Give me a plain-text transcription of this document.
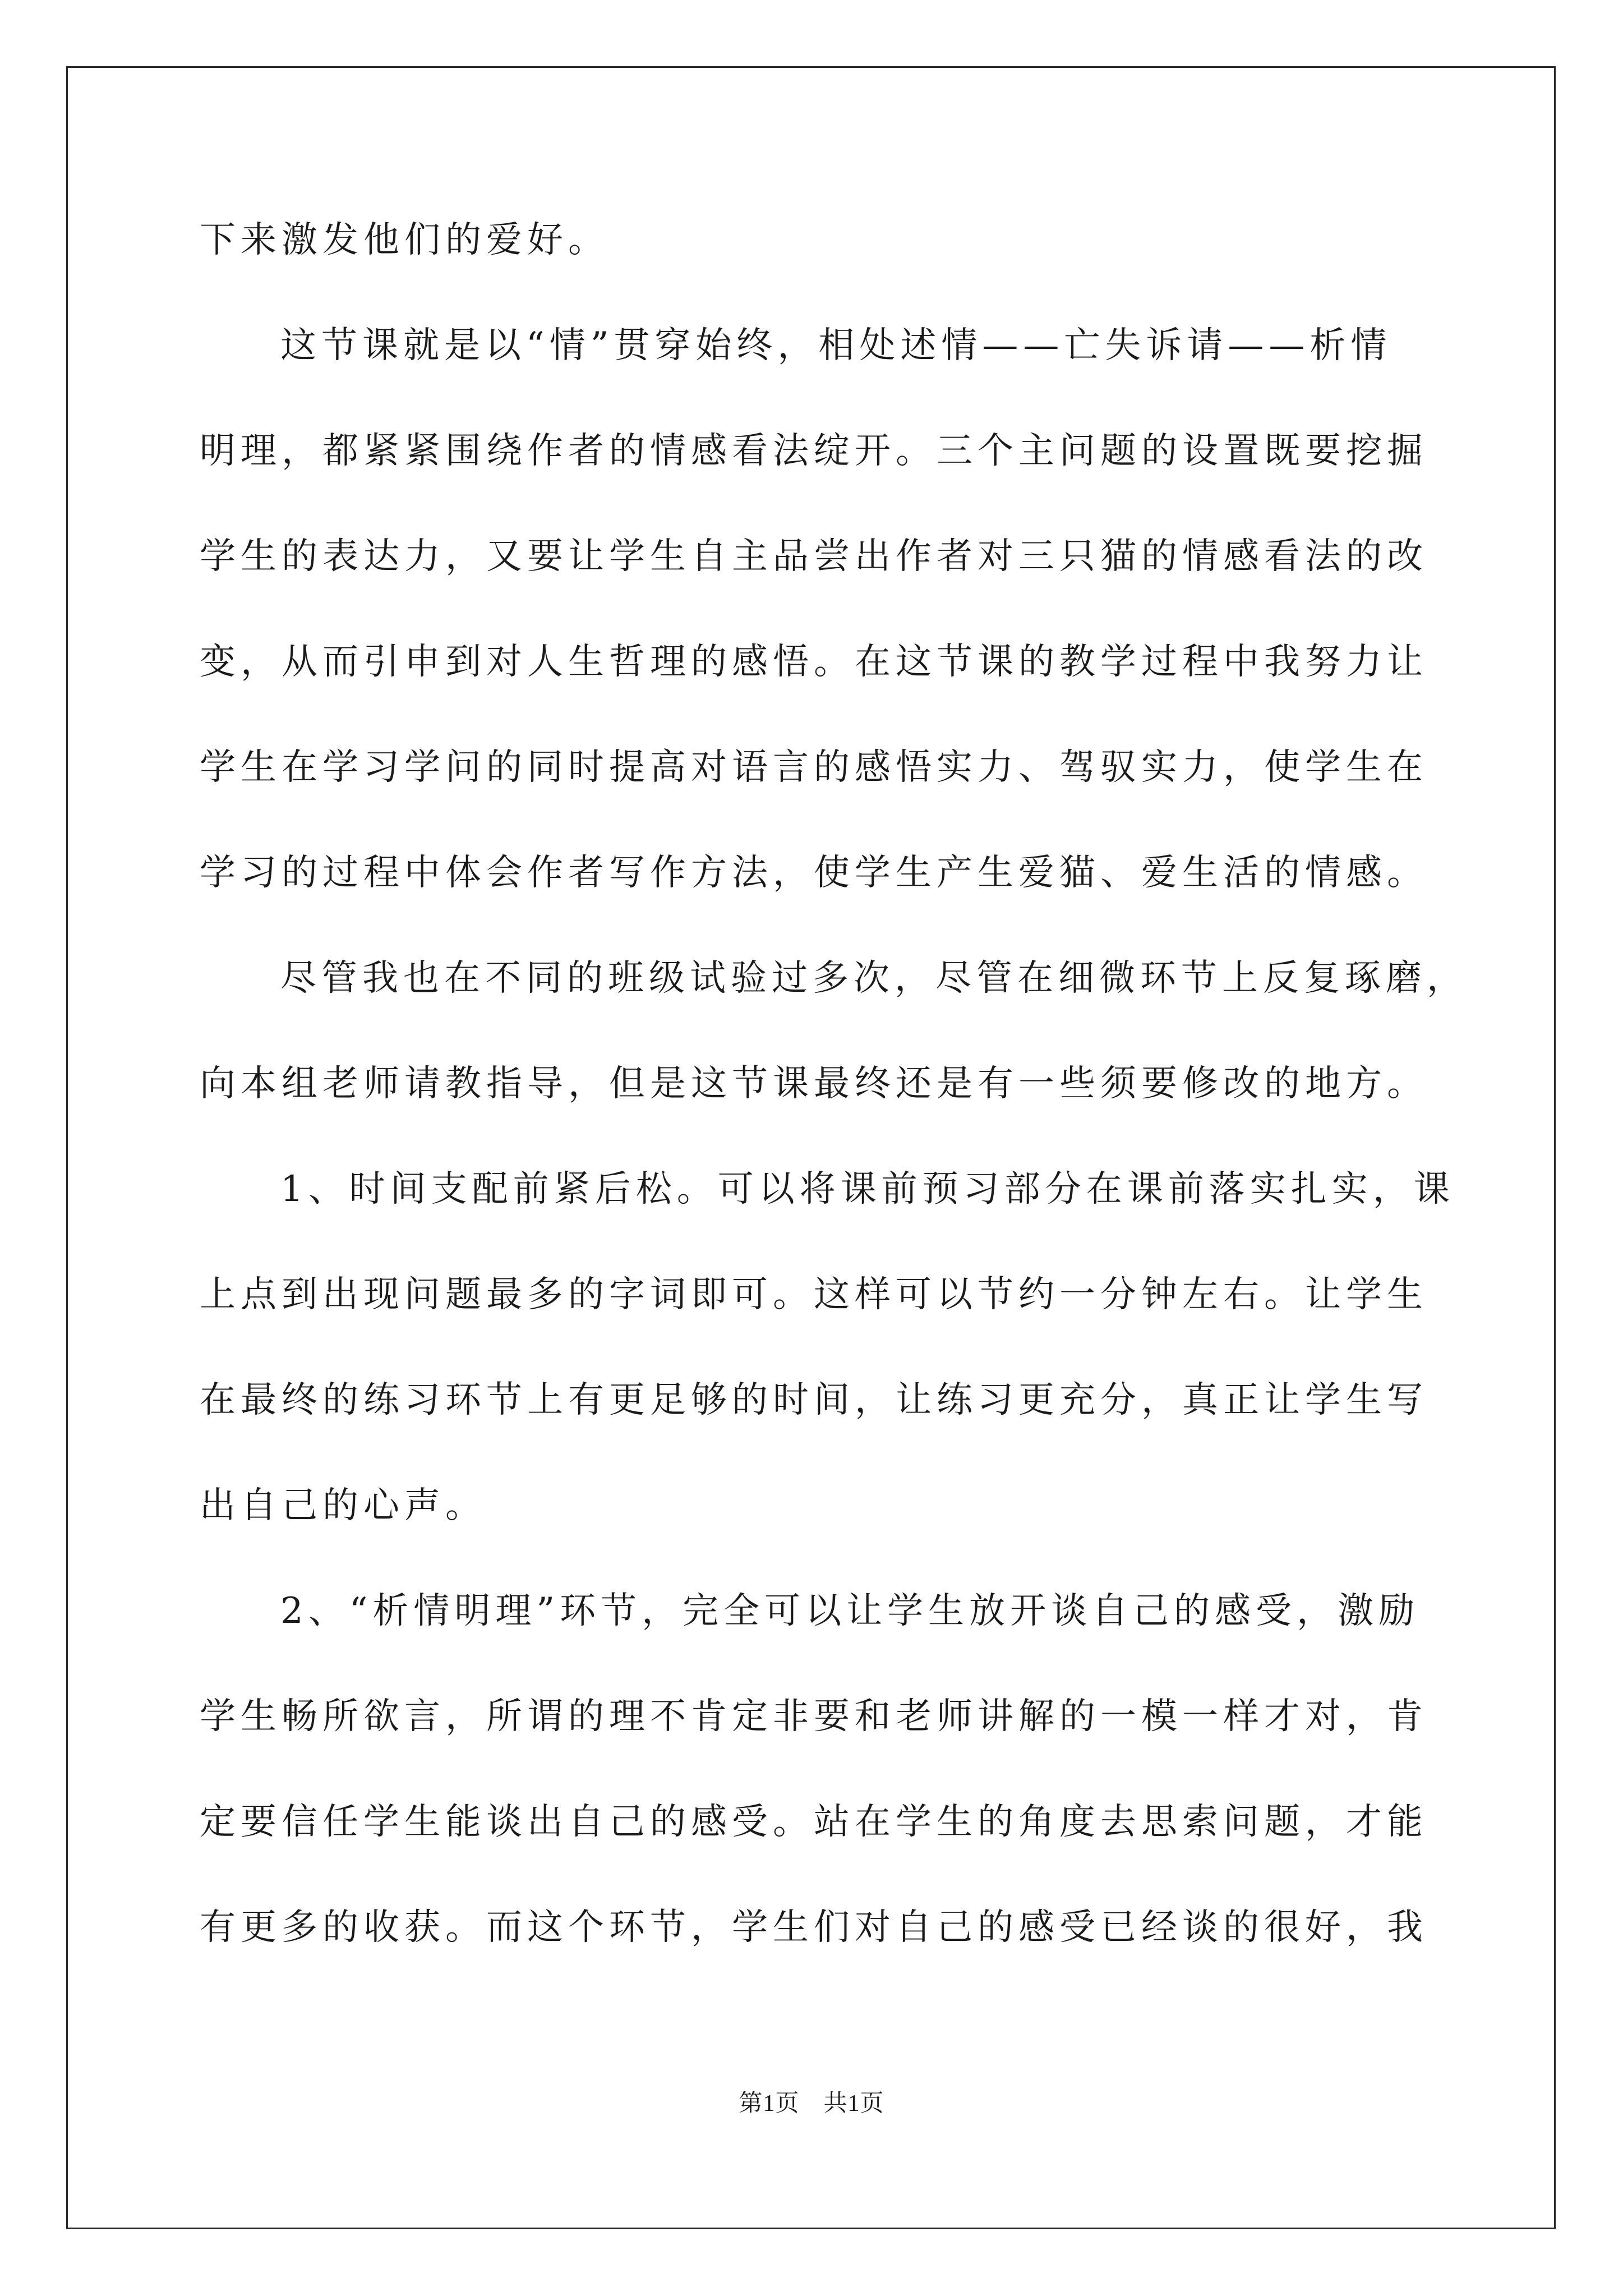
下来激发他们的爱好。
这节课就是以“情”贯穿始终，相处述情——亡失诉请——析情
明理，都紧紧围绕作者的情感看法绽开。三个主问题的设置既要挖掘
学生的表达力，又要让学生自主品尝出作者对三只猫的情感看法的改
变，从而引申到对人生哲理的感悟。在这节课的教学过程中我努力让
学生在学习学问的同时提高对语言的感悟实力、驾驭实力，使学生在
学习的过程中体会作者写作方法，使学生产生爱猫、爱生活的情感。
尽管我也在不同的班级试验过多次，尽管在细微环节上反复琢磨，
向本组老师请教指导，但是这节课最终还是有一些须要修改的地方。
1、时间支配前紧后松。可以将课前预习部分在课前落实扎实，课
上点到出现问题最多的字词即可。这样可以节约一分钟左右。让学生
在最终的练习环节上有更足够的时间，让练习更充分，真正让学生写
出自己的心声。
2、“析情明理”环节，完全可以让学生放开谈自己的感受，激励
学生畅所欲言，所谓的理不肯定非要和老师讲解的一模一样才对，肯
定要信任学生能谈出自己的感受。站在学生的角度去思索问题，才能
有更多的收获。而这个环节，学生们对自己的感受已经谈的很好，我
第1页　共1页
